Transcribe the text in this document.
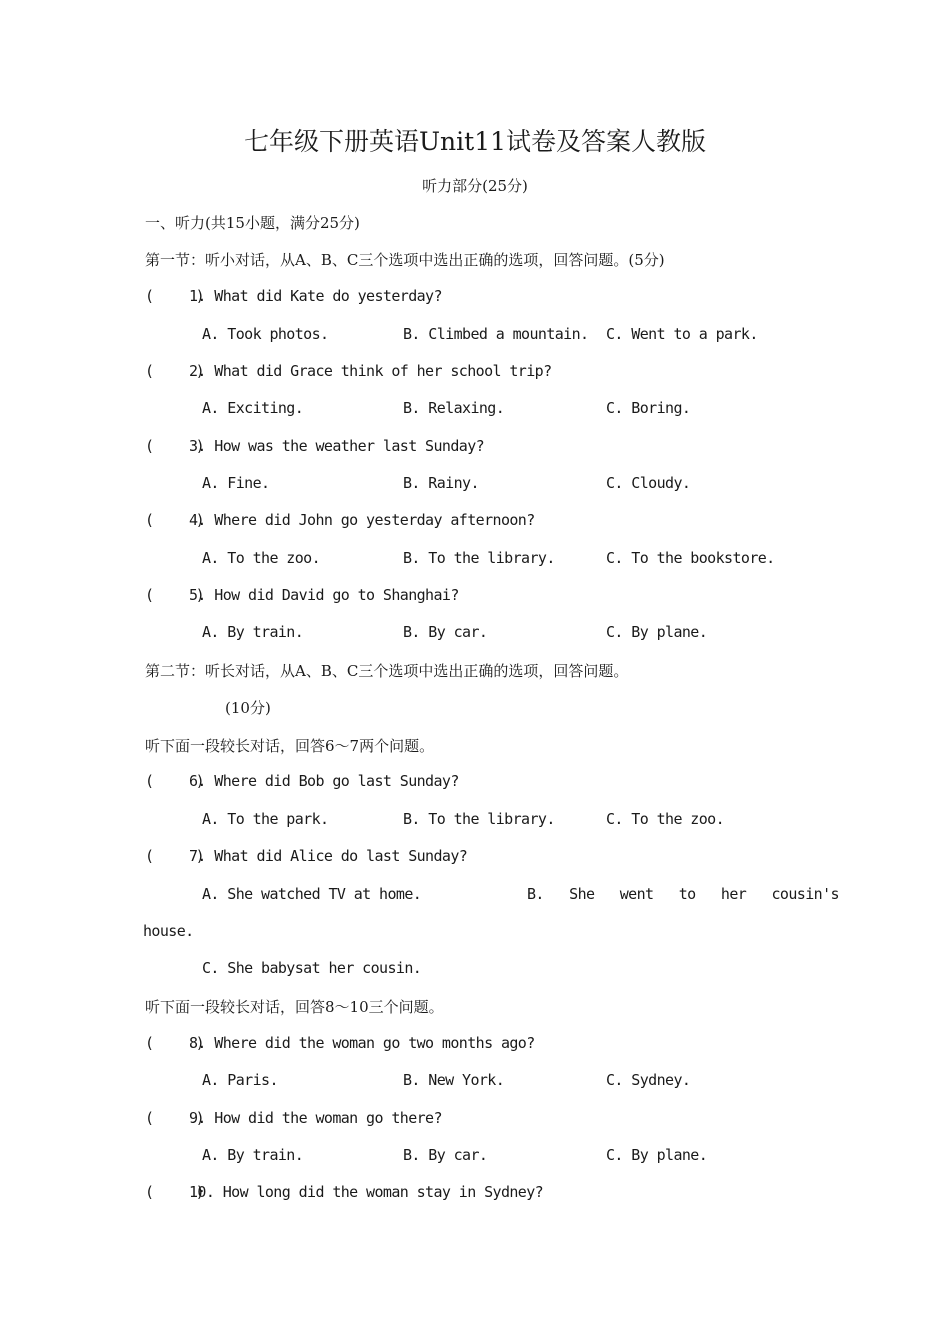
七年级下册英语Unit11试卷及答案人教版
听力部分(25分)
一、听力(共15小题，满分25分)
第一节：听小对话，从A、B、C三个选项中选出正确的选项，回答问题。(5分)
(     )1. What did Kate do yesterday?
A. Took photos.	B. Climbed a mountain. C. Went to a park.
(     )2. What did Grace think of her school trip?
A. Exciting.	B. Relaxing.	C. Boring.
(     )3. How was the weather last Sunday?
A. Fine.	B. Rainy.	C. Cloudy.
(     )4. Where did John go yesterday afternoon?
A. To the zoo.	B. To the library.	C. To the bookstore.
(     )5. How did David go to Shanghai?
A. By train.	B. By car.	C. By plane.
第二节：听长对话，从A、B、C三个选项中选出正确的选项，回答问题。
(10分)
听下面一段较长对话，回答6～7两个问题。
(     )6. Where did Bob go last Sunday?
A. To the park.	B. To the library.	C. To the zoo.
(     )7. What did Alice do last Sunday?
A. She watched TV at home.	B.   She   went   to   her   cousin's
house.
C. She babysat her cousin.
听下面一段较长对话，回答8～10三个问题。
(     )8. Where did the woman go two months ago?
A. Paris.	B. New York.	C. Sydney.
(     )9. How did the woman go there?
A. By train.	B. By car.	C. By plane.
(     )10. How long did the woman stay in Sydney?
